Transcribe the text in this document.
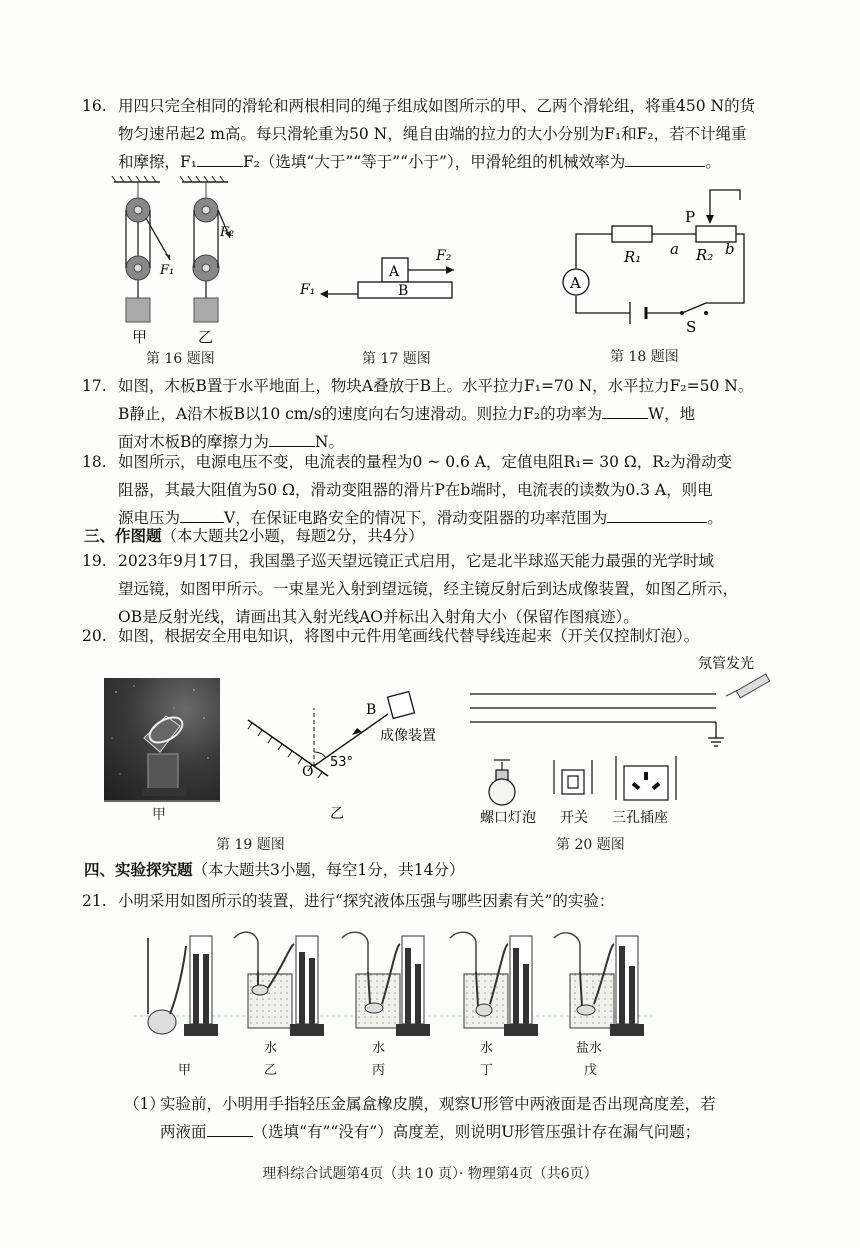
16. 用四只完全相同的滑轮和两根相同的绳子组成如图所示的甲、乙两个滑轮组，将重450 N的货
物匀速吊起2 m高。每只滑轮重为50 N，绳自由端的拉力的大小分别为F₁和F₂，若不计绳重
和摩擦，F₁	F₂（选填“大于”“等于”“小于”），甲滑轮组的机械效率为	。
F₁
F₂
甲	乙
第 16 题图
A
B
F₂
F₁
第 17 题图
A
P
R₁ a R₂ b
S
第 18 题图
17. 如图，木板B置于水平地面上，物块A叠放于B上。水平拉力F₁=70 N，水平拉力F₂=50 N。
B静止，A沿木板B以10 cm/s的速度向右匀速滑动。则拉力F₂的功率为	W，地
面对木板B的摩擦力为	N。
18. 如图所示，电源电压不变，电流表的量程为0 ~ 0.6 A，定值电阻R₁= 30 Ω，R₂为滑动变
阻器，其最大阻值为50 Ω，滑动变阻器的滑片P在b端时，电流表的读数为0.3 A，则电
源电压为	V，在保证电路安全的情况下，滑动变阻器的功率范围为	。
三、作图题（本大题共2小题，每题2分，共4分）
19. 2023年9月17日，我国墨子巡天望远镜正式启用，它是北半球巡天能力最强的光学时域
望远镜，如图甲所示。一束星光入射到望远镜，经主镜反射后到达成像装置，如图乙所示，
OB是反射光线，请画出其入射光线AO并标出入射角大小（保留作图痕迹）。
20. 如图，根据安全用电知识，将图中元件用笔画线代替导线连起来（开关仅控制灯泡）。
甲
B
O
53°
成像装置
乙
第 19 题图
氖管发光
螺口灯泡 开关 三孔插座
第 20 题图
四、实验探究题（本大题共3小题，每空1分，共14分）
21. 小明采用如图所示的装置，进行“探究液体压强与哪些因素有关”的实验：
水	水	水	盐水
甲	乙	丙	丁	戊
（1）
实验前，小明用手指轻压金属盒橡皮膜，观察U形管中两液面是否出现高度差，若
两液面	（选填“有”“没有”）高度差，则说明U形管压强计存在漏气问题；
理科综合试题第4页（共 10 页）· 物理第4页（共6页）
